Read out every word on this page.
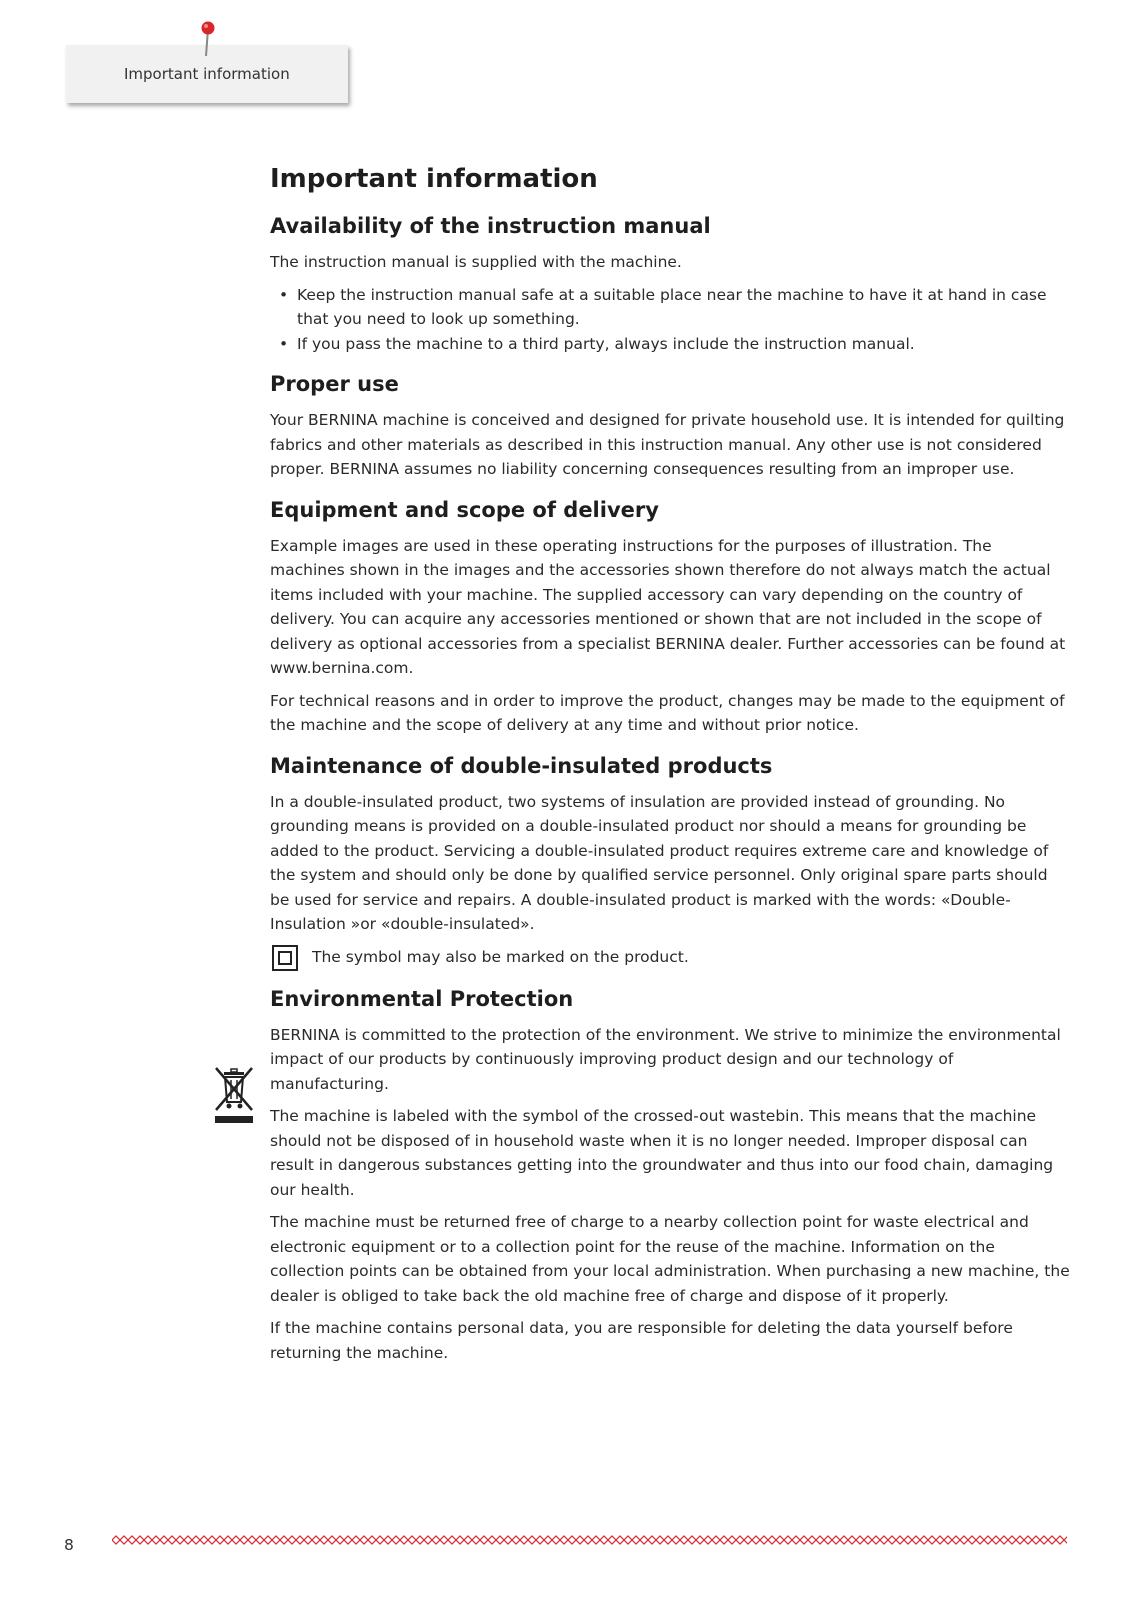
Important information
Important information
Availability of the instruction manual

The instruction manual is supplied with the machine.

• Keep the instruction manual safe at a suitable place near the machine to have it at hand in case that you need to look up something.
• If you pass the machine to a third party, always include the instruction manual.
Proper use

Your BERNINA machine is conceived and designed for private household use. It is intended for quilting fabrics and other materials as described in this instruction manual. Any other use is not considered proper. BERNINA assumes no liability concerning consequences resulting from an improper use.

Equipment and scope of delivery

Example images are used in these operating instructions for the purposes of illustration. The machines shown in the images and the accessories shown therefore do not always match the actual items included with your machine. The supplied accessory can vary depending on the country of delivery. You can acquire any accessories mentioned or shown that are not included in the scope of delivery as optional accessories from a specialist BERNINA dealer. Further accessories can be found at www.bernina.com.

For technical reasons and in order to improve the product, changes may be made to the equipment of the machine and the scope of delivery at any time and without prior notice.

Maintenance of double-insulated products

In a double-insulated product, two systems of insulation are provided instead of grounding. No grounding means is provided on a double-insulated product nor should a means for grounding be added to the product. Servicing a double-insulated product requires extreme care and knowledge of the system and should only be done by qualified service personnel. Only original spare parts should be used for service and repairs. A double-insulated product is marked with the words: «Double-Insulation »or «double-insulated».

The symbol may also be marked on the product.
Environmental Protection

BERNINA is committed to the protection of the environment. We strive to minimize the environmental impact of our products by continuously improving product design and our technology of manufacturing.

The machine is labeled with the symbol of the crossed-out wastebin. This means that the machine should not be disposed of in household waste when it is no longer needed. Improper disposal can result in dangerous substances getting into the groundwater and thus into our food chain, damaging our health.

The machine must be returned free of charge to a nearby collection point for waste electrical and electronic equipment or to a collection point for the reuse of the machine. Information on the collection points can be obtained from your local administration. When purchasing a new machine, the dealer is obliged to take back the old machine free of charge and dispose of it properly.

If the machine contains personal data, you are responsible for deleting the data yourself before returning the machine.

8
